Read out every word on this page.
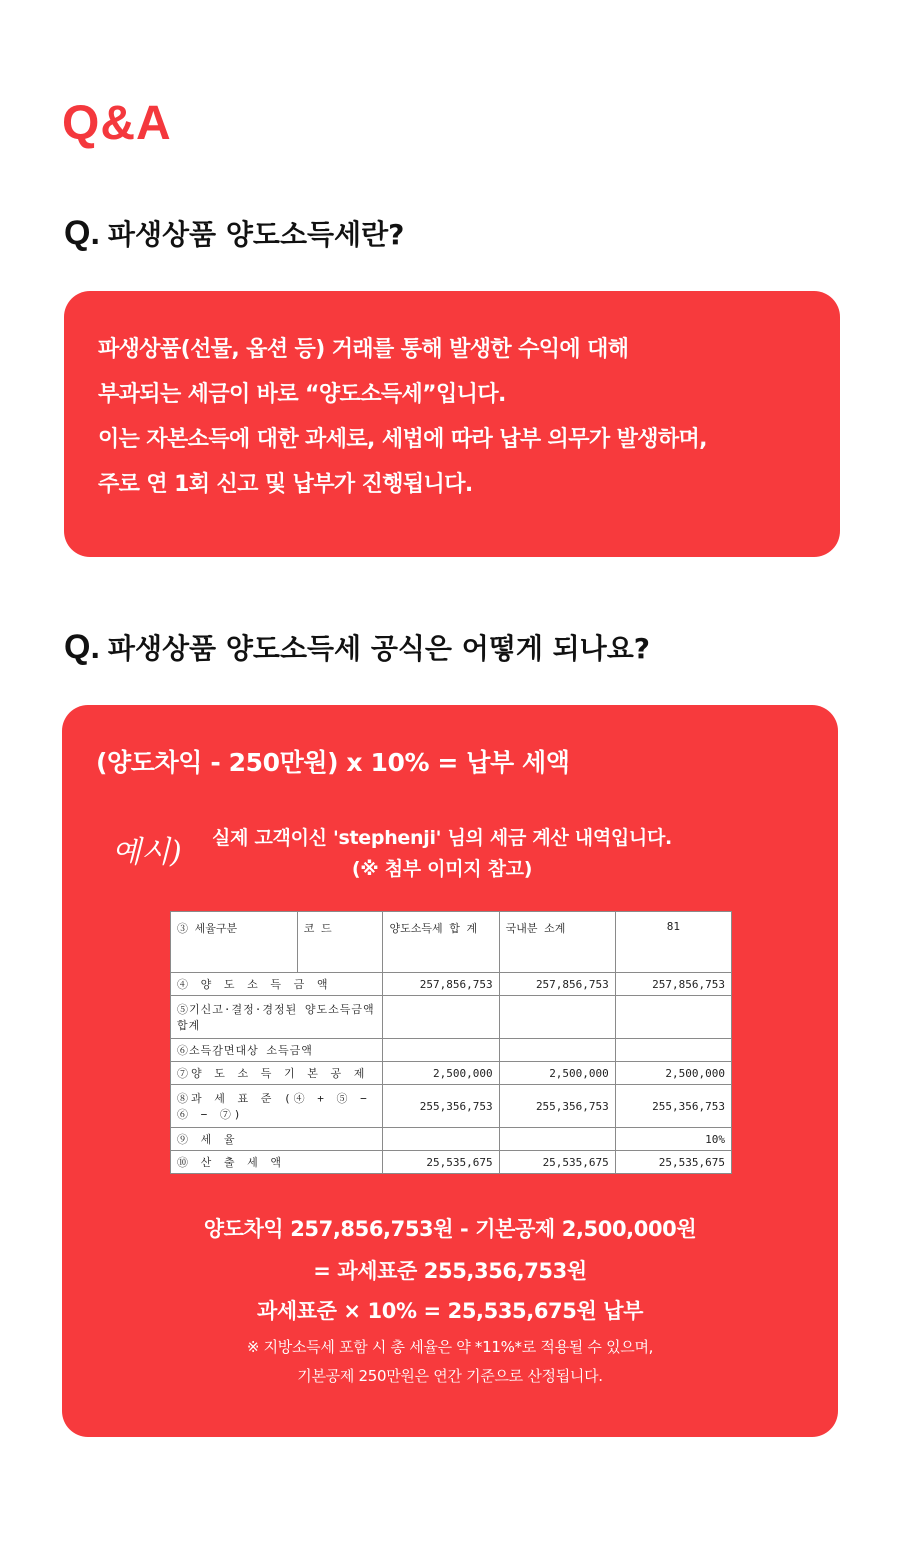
Q&A
Q. 파생상품 양도소득세란?
파생상품(선물, 옵션 등) 거래를 통해 발생한 수익에 대해
부과되는 세금이 바로 “양도소득세”입니다.
이는 자본소득에 대한 과세로, 세법에 따라 납부 의무가 발생하며,
주로 연 1회 신고 및 납부가 진행됩니다.
Q. 파생상품 양도소득세 공식은 어떻게 되나요?
(양도차익 - 250만원) x 10% = 납부 세액
예시)	실제 고객이신 'stephenji' 님의 세금 계산 내역입니다.
(※ 첨부 이미지 참고)
③ 세율구분	코 드	양도소득세 합 계	국내분 소계	81
④ 양 도 소 득 금 액		257,856,753	257,856,753	257,856,753
⑤기신고·결정·경정된 양도소득금액 합계				
⑥소득감면대상 소득금액				
⑦양 도 소 득 기 본 공 제		2,500,000	2,500,000	2,500,000
⑧과 세 표 준 (④ + ⑤ − ⑥ − ⑦)		255,356,753	255,356,753	255,356,753
⑨ 세 율				10%
⑩ 산 출 세 액		25,535,675	25,535,675	25,535,675
양도차익 257,856,753원 - 기본공제 2,500,000원
= 과세표준 255,356,753원
과세표준 × 10% = 25,535,675원 납부
※ 지방소득세 포함 시 총 세율은 약 *11%*로 적용될 수 있으며,
기본공제 250만원은 연간 기준으로 산정됩니다.
